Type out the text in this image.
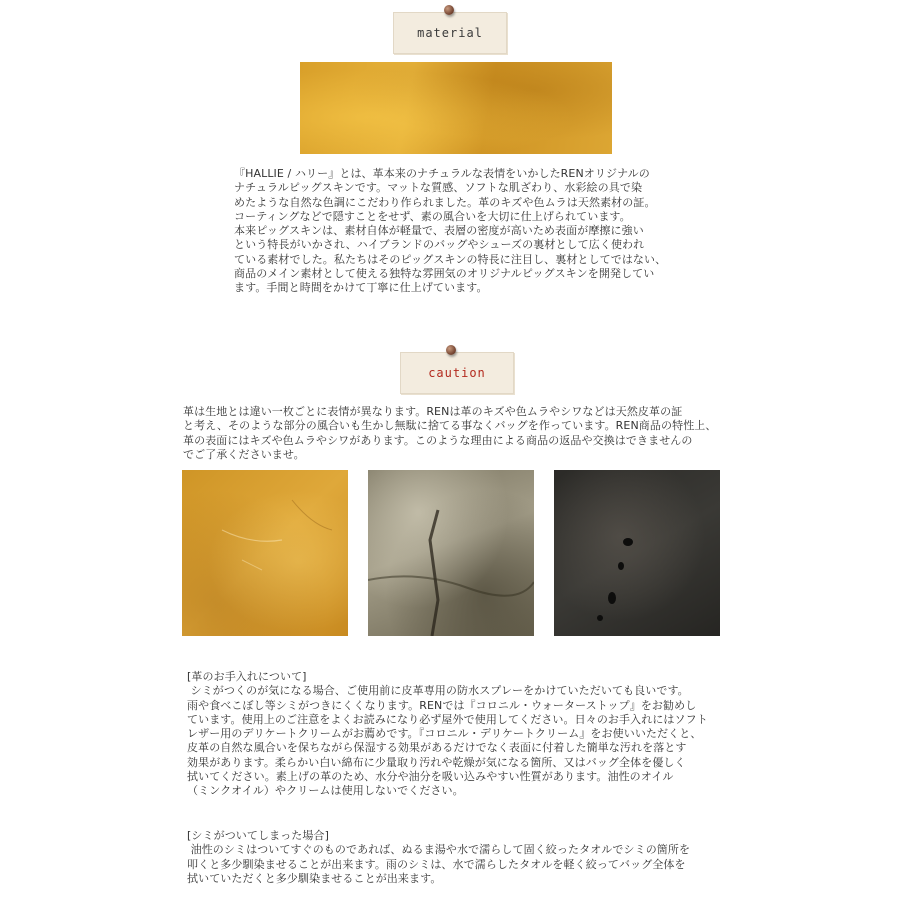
material
『HALLIE / ハリー』とは、革本来のナチュラルな表情をいかしたRENオリジナルの
ナチュラルピッグスキンです。マットな質感、ソフトな肌ざわり、水彩絵の具で染
めたような自然な色調にこだわり作られました。革のキズや色ムラは天然素材の証。
コーティングなどで隠すことをせず、素の風合いを大切に仕上げられています。
本来ピッグスキンは、素材自体が軽量で、表層の密度が高いため表面が摩擦に強い
という特長がいかされ、ハイブランドのバッグやシューズの裏材として広く使われ
ている素材でした。私たちはそのピッグスキンの特長に注目し、裏材としてではない、
商品のメイン素材として使える独特な雰囲気のオリジナルピッグスキンを開発してい
ます。手間と時間をかけて丁寧に仕上げています。
caution
革は生地とは違い一枚ごとに表情が異なります。RENは革のキズや色ムラやシワなどは天然皮革の証
と考え、そのような部分の風合いも生かし無駄に捨てる事なくバッグを作っています。REN商品の特性上、
革の表面にはキズや色ムラやシワがあります。このような理由による商品の返品や交換はできませんの
でご了承くださいませ。
[革のお手入れについて]
シミがつくのが気になる場合、ご使用前に皮革専用の防水スプレーをかけていただいても良いです。
雨や食べこぼし等シミがつきにくくなります。RENでは『コロニル・ウォーターストップ』をお勧めし
ています。使用上のご注意をよくお読みになり必ず屋外で使用してください。日々のお手入れにはソフト
レザー用のデリケートクリームがお薦めです。『コロニル・デリケートクリーム』をお使いいただくと、
皮革の自然な風合いを保ちながら保湿する効果があるだけでなく表面に付着した簡単な汚れを落とす
効果があります。柔らかい白い綿布に少量取り汚れや乾燥が気になる箇所、又はバッグ全体を優しく
拭いてください。素上げの革のため、水分や油分を吸い込みやすい性質があります。油性のオイル
（ミンクオイル）やクリームは使用しないでください。
[シミがついてしまった場合]
油性のシミはついてすぐのものであれば、ぬるま湯や水で濡らして固く絞ったタオルでシミの箇所を
叩くと多少馴染ませることが出来ます。雨のシミは、水で濡らしたタオルを軽く絞ってバッグ全体を
拭いていただくと多少馴染ませることが出来ます。
